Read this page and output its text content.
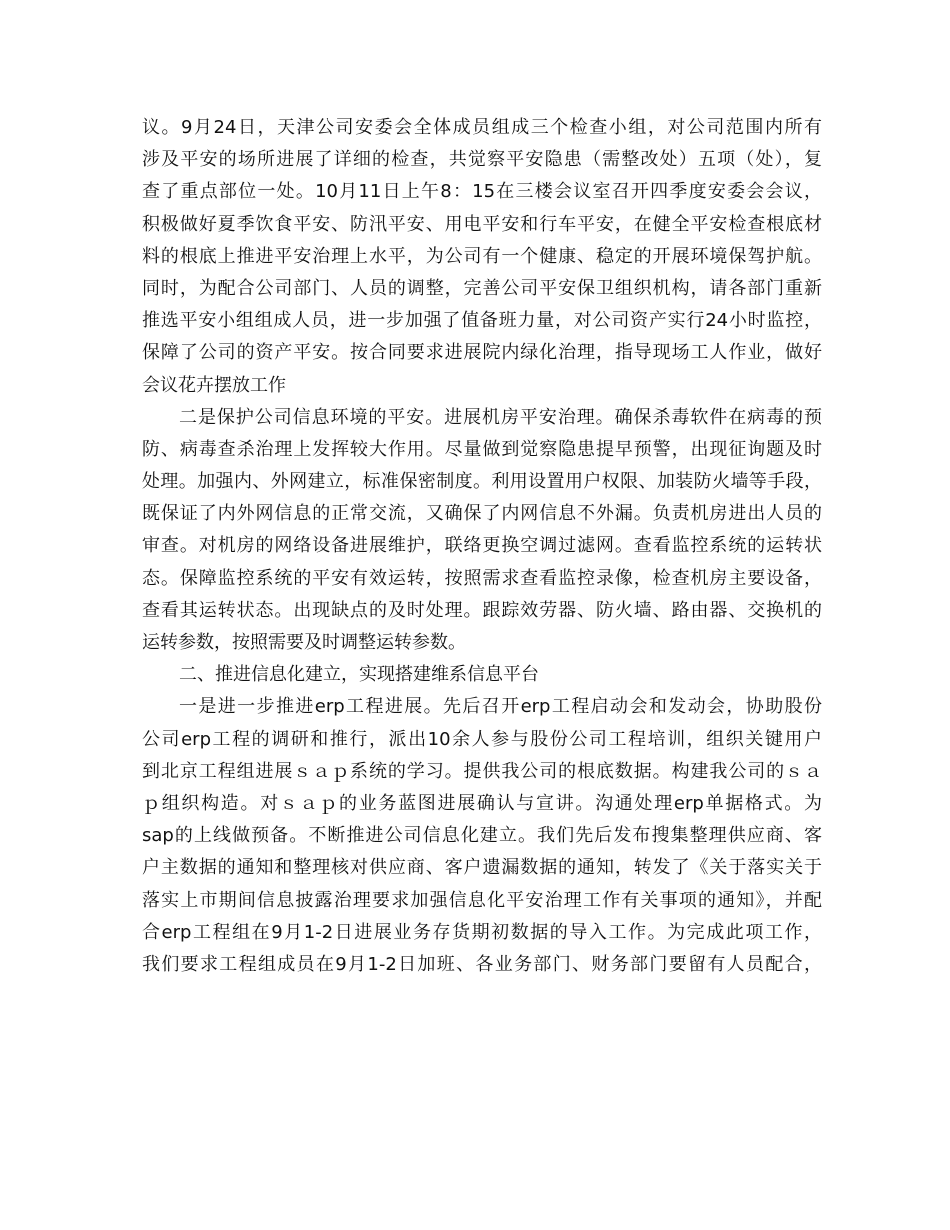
议。9月24日，天津公司安委会全体成员组成三个检查小组，对公司范围内所有

涉及平安的场所进展了详细的检查，共觉察平安隐患（需整改处）五项（处），复

查了重点部位一处。10月11日上午8：15在三楼会议室召开四季度安委会会议，

积极做好夏季饮食平安、防汛平安、用电平安和行车平安，在健全平安检查根底材

料的根底上推进平安治理上水平，为公司有一个健康、稳定的开展环境保驾护航。

同时，为配合公司部门、人员的调整，完善公司平安保卫组织机构，请各部门重新

推选平安小组组成人员，进一步加强了值备班力量，对公司资产实行24小时监控，

保障了公司的资产平安。按合同要求进展院内绿化治理，指导现场工人作业，做好

会议花卉摆放工作

二是保护公司信息环境的平安。进展机房平安治理。确保杀毒软件在病毒的预

防、病毒查杀治理上发挥较大作用。尽量做到觉察隐患提早预警，出现征询题及时

处理。加强内、外网建立，标准保密制度。利用设置用户权限、加装防火墙等手段，

既保证了内外网信息的正常交流，又确保了内网信息不外漏。负责机房进出人员的

审查。对机房的网络设备进展维护，联络更换空调过滤网。查看监控系统的运转状

态。保障监控系统的平安有效运转，按照需求查看监控录像，检查机房主要设备，

查看其运转状态。出现缺点的及时处理。跟踪效劳器、防火墙、路由器、交换机的

运转参数，按照需要及时调整运转参数。

二、推进信息化建立，实现搭建维系信息平台

一是进一步推进erp工程进展。先后召开erp工程启动会和发动会，协助股份

公司erp工程的调研和推行，派出10余人参与股份公司工程培训，组织关键用户

到北京工程组进展ｓａｐ系统的学习。提供我公司的根底数据。构建我公司的ｓａ

ｐ组织构造。对ｓａｐ的业务蓝图进展确认与宣讲。沟通处理erp单据格式。为

sap的上线做预备。不断推进公司信息化建立。我们先后发布搜集整理供应商、客

户主数据的通知和整理核对供应商、客户遗漏数据的通知，转发了《关于落实关于

落实上市期间信息披露治理要求加强信息化平安治理工作有关事项的通知》，并配

合erp工程组在9月1-2日进展业务存货期初数据的导入工作。为完成此项工作，

我们要求工程组成员在9月1-2日加班、各业务部门、财务部门要留有人员配合，
